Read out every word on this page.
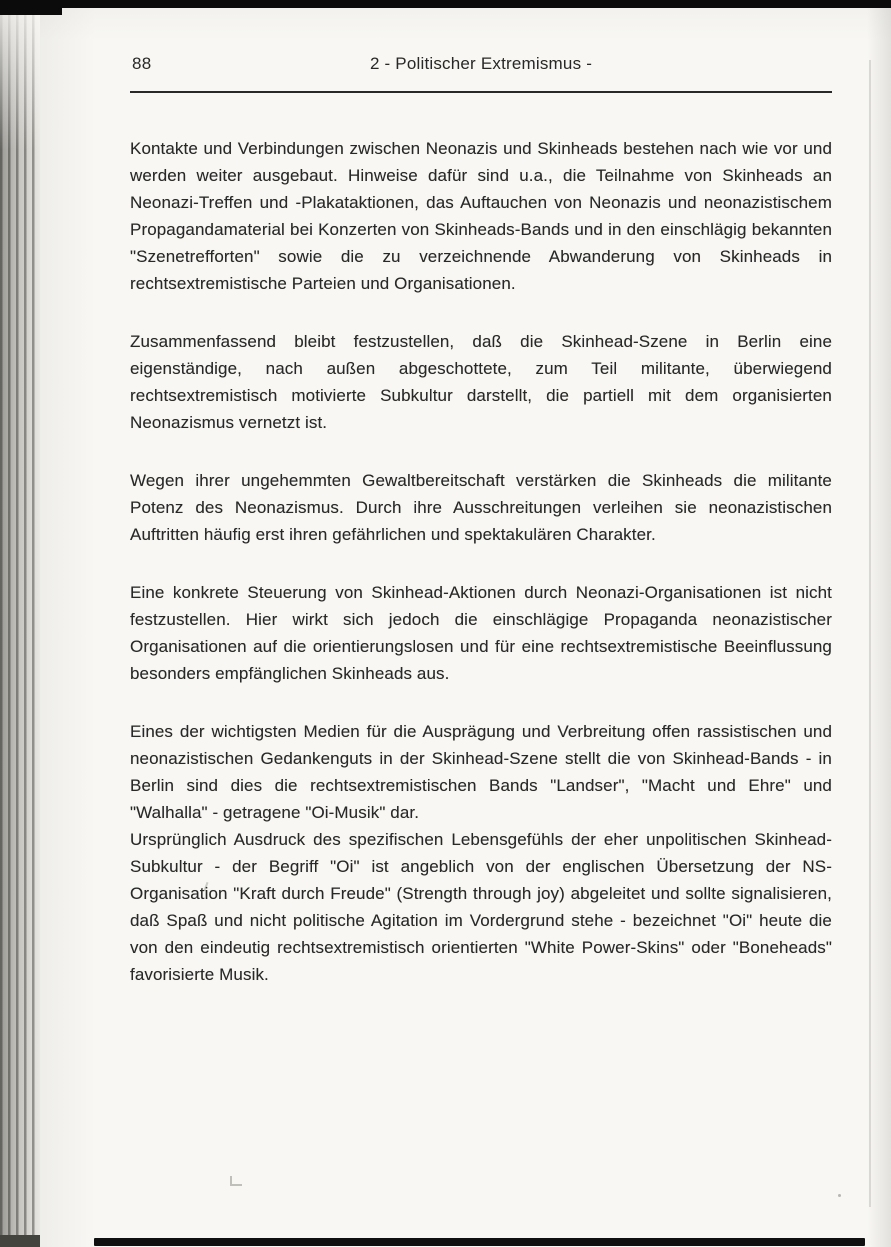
88	2 - Politischer Extremismus -

Kontakte und Verbindungen zwischen Neonazis und Skinheads bestehen nach wie vor und werden weiter ausgebaut. Hinweise dafür sind u.a., die Teilnahme von Skinheads an Neonazi-Treffen und -Plakataktionen, das Auftauchen von Neonazis und neonazistischem Propagandamaterial bei Konzerten von Skinheads-Bands und in den einschlägig bekannten "Szenetrefforten" sowie die zu verzeichnende Abwanderung von Skinheads in rechtsextremistische Parteien und Organisationen.

Zusammenfassend bleibt festzustellen, daß die Skinhead-Szene in Berlin eine eigenständige, nach außen abgeschottete, zum Teil militante, überwiegend rechtsextremistisch motivierte Subkultur darstellt, die partiell mit dem organisierten Neonazismus vernetzt ist.

Wegen ihrer ungehemmten Gewaltbereitschaft verstärken die Skinheads die militante Potenz des Neonazismus. Durch ihre Ausschreitungen verleihen sie neonazistischen Auftritten häufig erst ihren gefährlichen und spektakulären Charakter.

Eine konkrete Steuerung von Skinhead-Aktionen durch Neonazi-Organisationen ist nicht festzustellen. Hier wirkt sich jedoch die einschlägige Propaganda neonazistischer Organisationen auf die orientierungslosen und für eine rechtsextremistische Beeinflussung besonders empfänglichen Skinheads aus.

Eines der wichtigsten Medien für die Ausprägung und Verbreitung offen rassistischen und neonazistischen Gedankenguts in der Skinhead-Szene stellt die von Skinhead-Bands - in Berlin sind dies die rechtsextremistischen Bands "Landser", "Macht und Ehre" und "Walhalla" - getragene "Oi-Musik" dar.

Ursprünglich Ausdruck des spezifischen Lebensgefühls der eher unpolitischen Skinhead-Subkultur - der Begriff "Oi" ist angeblich von der englischen Übersetzung der NS-Organisation "Kraft durch Freude" (Strength through joy) abgeleitet und sollte signalisieren, daß Spaß und nicht politische Agitation im Vordergrund stehe - bezeichnet "Oi" heute die von den eindeutig rechtsextremistisch orientierten "White Power-Skins" oder "Boneheads" favorisierte Musik.
